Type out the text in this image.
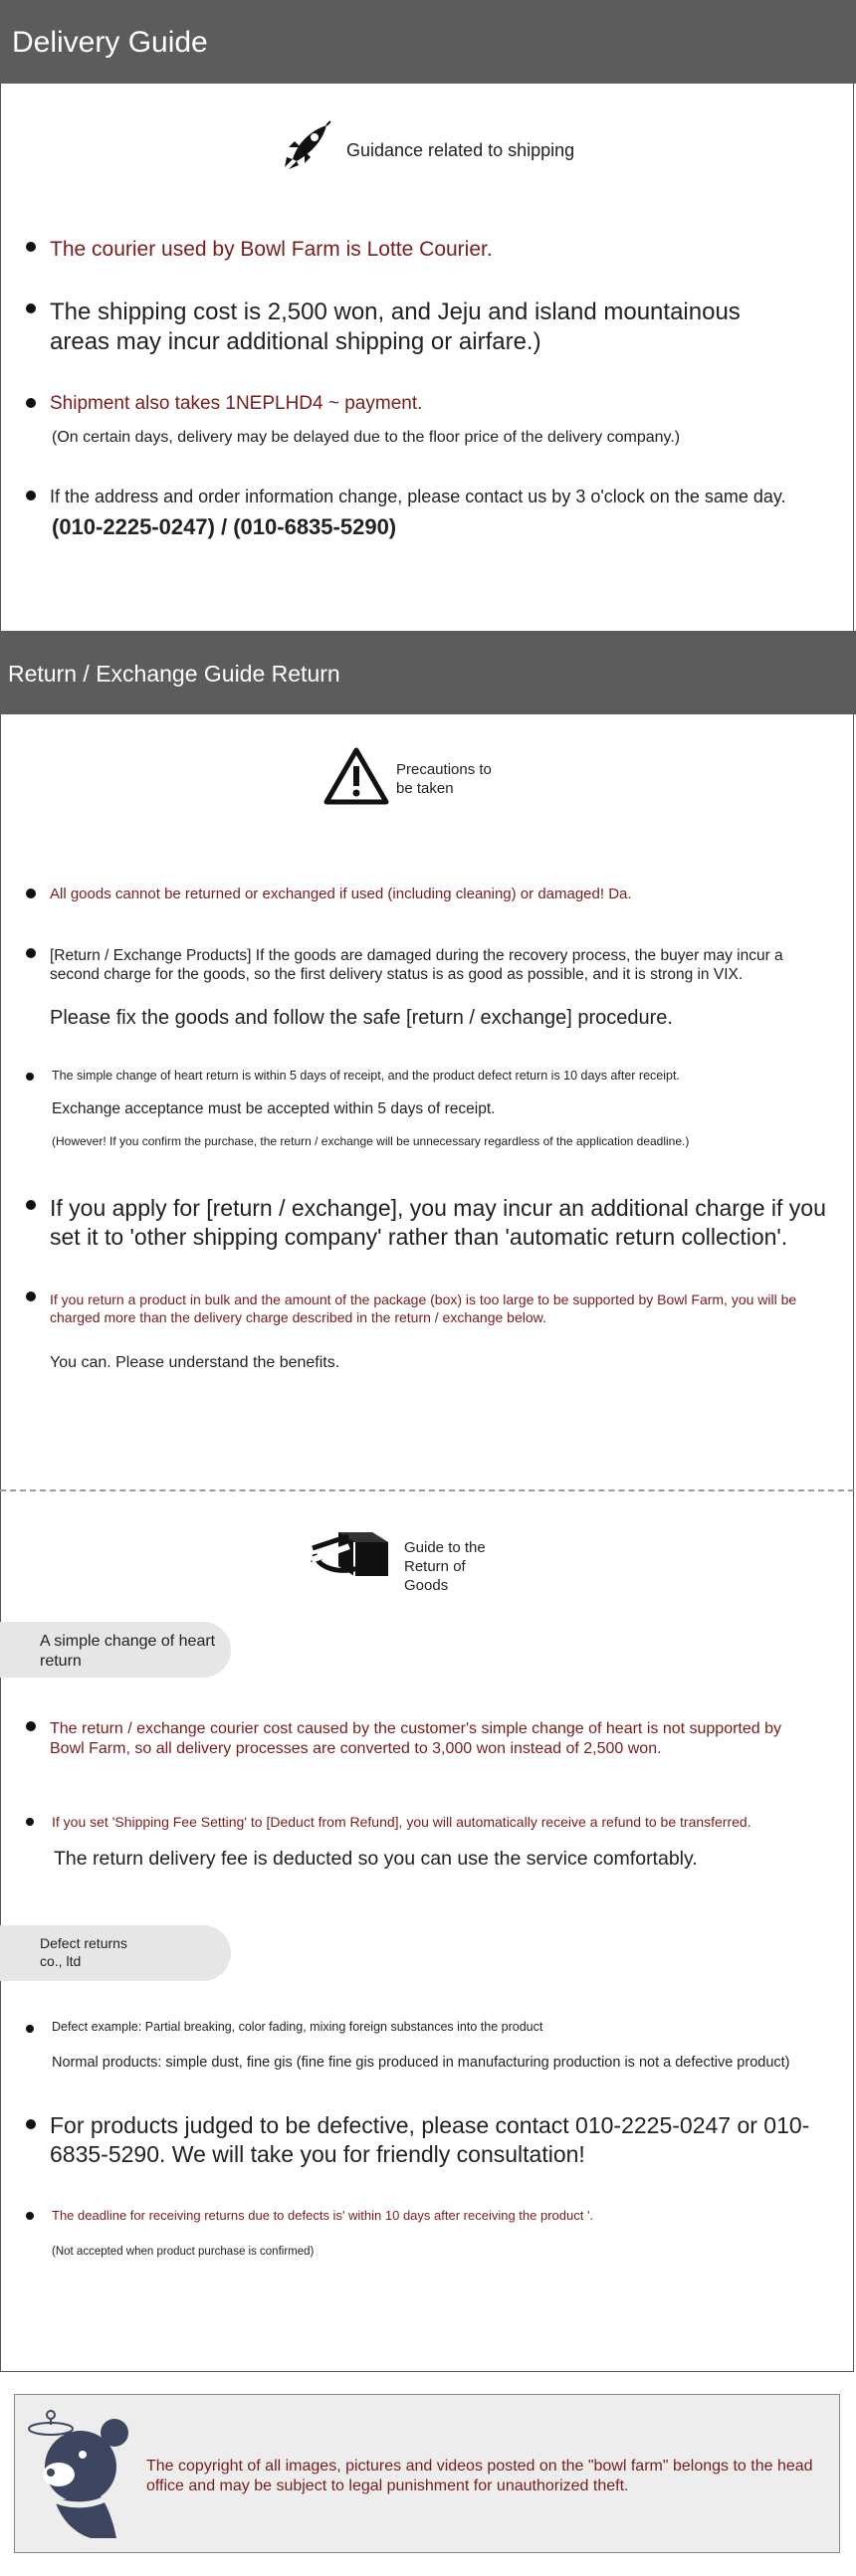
Delivery Guide
Guidance related to shipping
The courier used by Bowl Farm is Lotte Courier.
The shipping cost is 2,500 won, and Jeju and island mountainous areas may incur additional shipping or airfare.)
Shipment also takes 1NEPLHD4 ~ payment.
(On certain days, delivery may be delayed due to the floor price of the delivery company.)
If the address and order information change, please contact us by 3 o'clock on the same day.
(010-2225-0247) / (010-6835-5290)
Return / Exchange Guide Return
Precautions to be taken
All goods cannot be returned or exchanged if used (including cleaning) or damaged! Da.
[Return / Exchange Products] If the goods are damaged during the recovery process, the buyer may incur a second charge for the goods, so the first delivery status is as good as possible, and it is strong in VIX.
Please fix the goods and follow the safe [return / exchange] procedure.
The simple change of heart return is within 5 days of receipt, and the product defect return is 10 days after receipt.
Exchange acceptance must be accepted within 5 days of receipt.
(However! If you confirm the purchase, the return / exchange will be unnecessary regardless of the application deadline.)
If you apply for [return / exchange], you may incur an additional charge if you set it to 'other shipping company' rather than 'automatic return collection'.
If you return a product in bulk and the amount of the package (box) is too large to be supported by Bowl Farm, you will be charged more than the delivery charge described in the return / exchange below.
You can. Please understand the benefits.
Guide to the Return of Goods
A simple change of heart return
The return / exchange courier cost caused by the customer's simple change of heart is not supported by Bowl Farm, so all delivery processes are converted to 3,000 won instead of 2,500 won.
If you set 'Shipping Fee Setting' to [Deduct from Refund], you will automatically receive a refund to be transferred.
The return delivery fee is deducted so you can use the service comfortably.
Defect returns co., ltd
Defect example: Partial breaking, color fading, mixing foreign substances into the product
Normal products: simple dust, fine gis (fine fine gis produced in manufacturing production is not a defective product)
For products judged to be defective, please contact 010-2225-0247 or 010-6835-5290. We will take you for friendly consultation!
The deadline for receiving returns due to defects is' within 10 days after receiving the product '.
(Not accepted when product purchase is confirmed)
The copyright of all images, pictures and videos posted on the "bowl farm" belongs to the head office and may be subject to legal punishment for unauthorized theft.
